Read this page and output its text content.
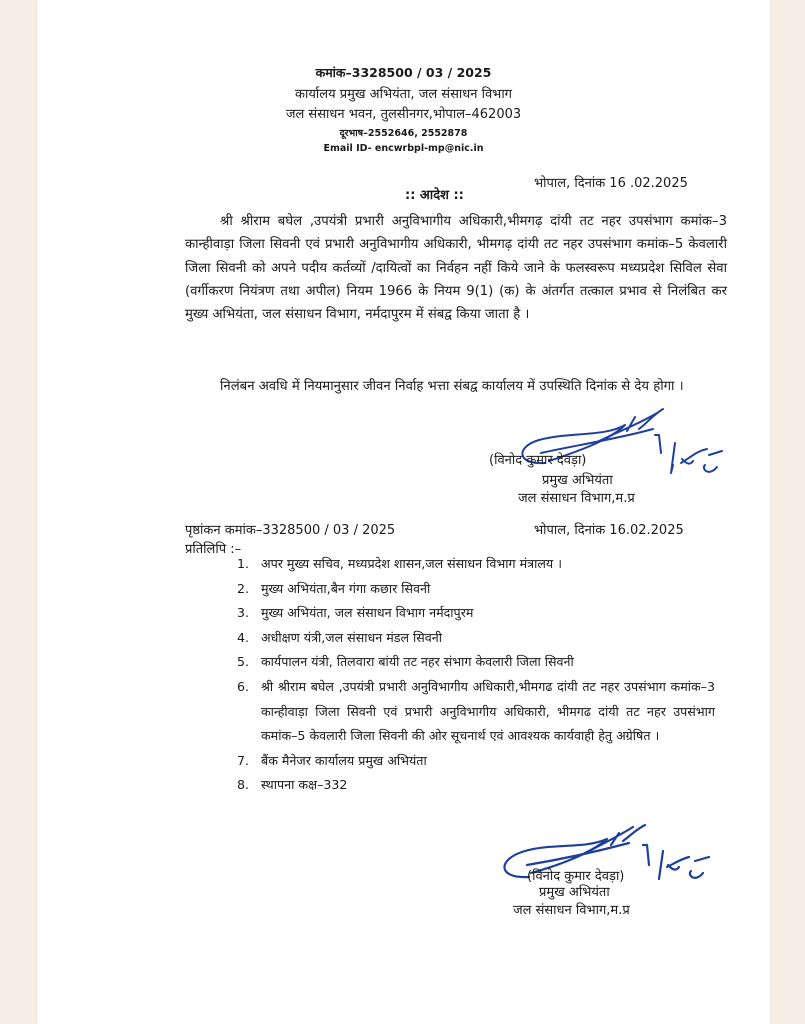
कमांक–3328500 / 03 / 2025
कार्यालय प्रमुख अभियंता, जल संसाधन विभाग
जल संसाधन भवन, तुलसीनगर,भोपाल–462003
दूरभाष–2552646, 2552878
Email ID- encwrbpl-mp@nic.in
भोपाल, दिनांक 16 .02.2025
:: आदेश ::
श्री श्रीराम बघेल ,उपयंत्री प्रभारी अनुविभागीय अधिकारी,भीमगढ़ दांयी तट नहर उपसंभाग कमांक–3 कान्हीवाड़ा जिला सिवनी एवं प्रभारी अनुविभागीय अधिकारी, भीमगढ़ दांयी तट नहर उपसंभाग कमांक–5 केवलारी जिला सिवनी को अपने पदीय कर्तव्यों /दायित्वों का निर्वहन नहीं किये जाने के फलस्वरूप मध्यप्रदेश सिविल सेवा (वर्गीकरण नियंत्रण तथा अपील) नियम 1966 के नियम 9(1) (क) के अंतर्गत तत्काल प्रभाव से निलंबित कर मुख्य अभियंता, जल संसाधन विभाग, नर्मदापुरम में संबद्व किया जाता है ।
निलंबन अवधि में नियमानुसार जीवन निर्वाह भत्ता संबद्व कार्यालय में उपस्थिति दिनांक से देय होगा ।
(विनोद कुमार देवड़ा)
प्रमुख अभियंता
जल संसाधन विभाग,म.प्र
पृष्ठांकन कमांक–3328500 / 03 / 2025	भोपाल, दिनांक 16.02.2025
प्रतिलिपि :–
1. अपर मुख्य सचिव, मध्यप्रदेश शासन,जल संसाधन विभाग मंत्रालय ।
2. मुख्य अभियंता,बैन गंगा कछार सिवनी
3. मुख्य अभियंता, जल संसाधन विभाग नर्मदापुरम
4. अधीक्षण यंत्री,जल संसाधन मंडल सिवनी
5. कार्यपालन यंत्री, तिलवारा बांयी तट नहर संभाग केवलारी जिला सिवनी
6. श्री श्रीराम बघेल ,उपयंत्री प्रभारी अनुविभागीय अधिकारी,भीमगढ दांयी तट नहर उपसंभाग कमांक–3 कान्हीवाड़ा जिला सिवनी एवं प्रभारी अनुविभागीय अधिकारी, भीमगढ दांयी तट नहर उपसंभाग कमांक–5 केवलारी जिला सिवनी की ओर सूचनार्थ एवं आवश्यक कार्यवाही हेतु अग्रेषित ।
7. बैंक मैनेजर कार्यालय प्रमुख अभियंता
8. स्थापना कक्ष–332
(विनोद कुमार देवड़ा)
प्रमुख अभियंता
जल संसाधन विभाग,म.प्र
